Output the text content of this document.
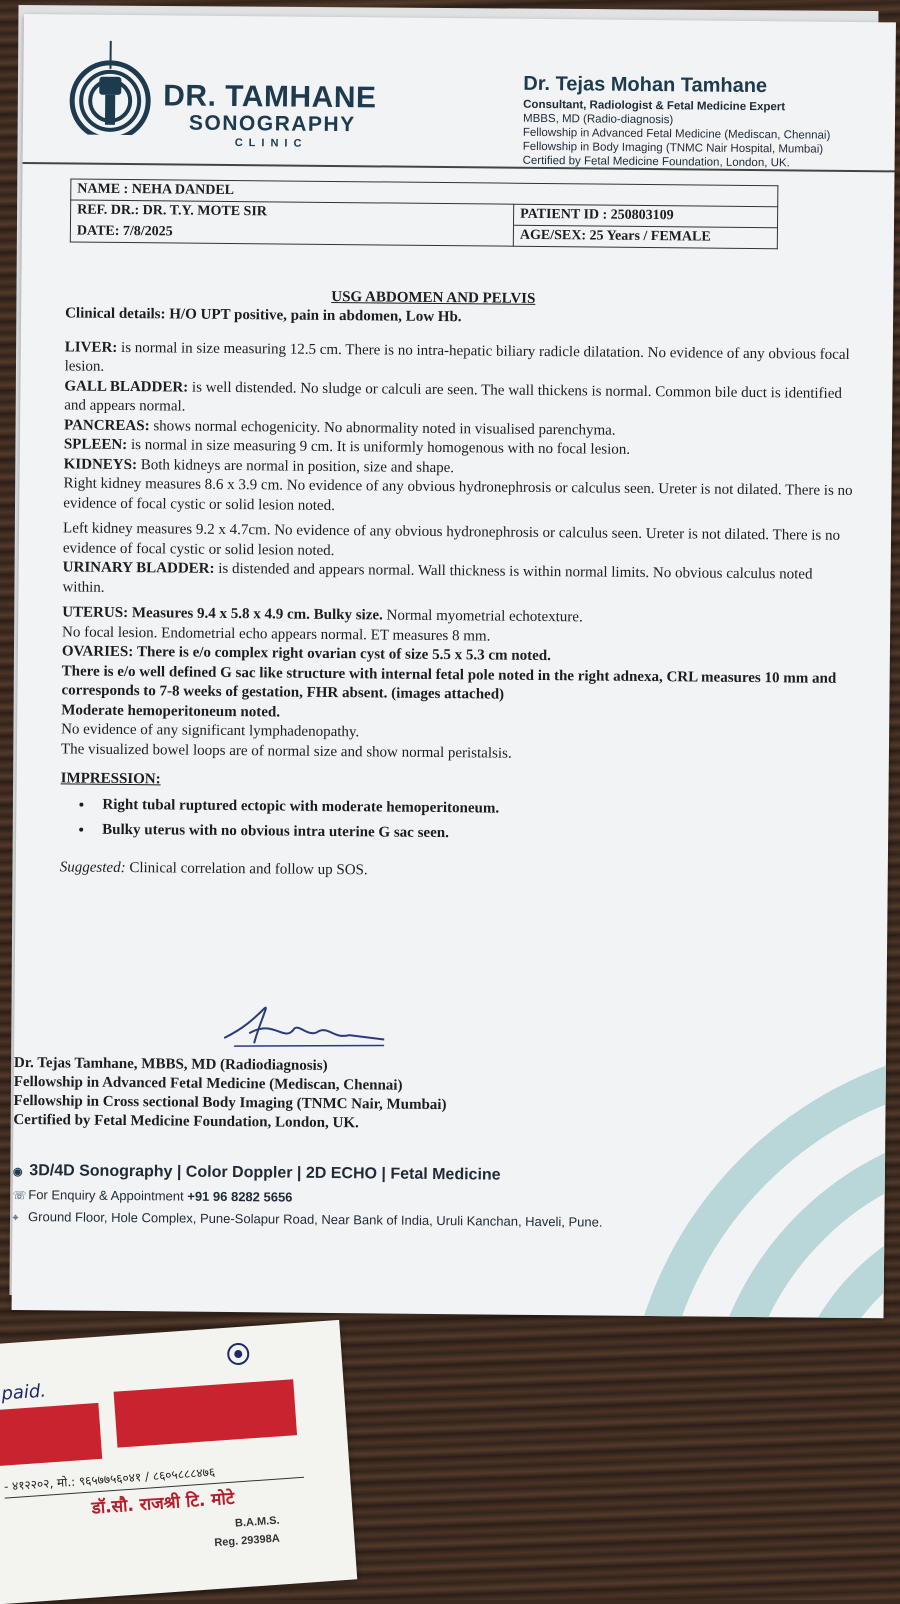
DR. TAMHANE
SONOGRAPHY
CLINIC
Dr. Tejas Mohan Tamhane
Consultant, Radiologist & Fetal Medicine Expert
MBBS, MD (Radio-diagnosis)
Fellowship in Advanced Fetal Medicine (Mediscan, Chennai)
Fellowship in Body Imaging (TNMC Nair Hospital, Mumbai)
Certified by Fetal Medicine Foundation, London, UK.
NAME : NEHA DANDEL	
REF. DR.: DR. T.Y. MOTE SIR	PATIENT ID : 250803109
DATE: 7/8/2025	AGE/SEX: 25 Years / FEMALE
USG ABDOMEN AND PELVIS

Clinical details: H/O UPT positive, pain in abdomen, Low Hb.

LIVER: is normal in size measuring 12.5 cm. There is no intra-hepatic biliary radicle dilatation. No evidence of any obvious focal lesion.

GALL BLADDER: is well distended. No sludge or calculi are seen. The wall thickens is normal. Common bile duct is identified and appears normal.

PANCREAS: shows normal echogenicity. No abnormality noted in visualised parenchyma.

SPLEEN: is normal in size measuring 9 cm. It is uniformly homogenous with no focal lesion.

KIDNEYS: Both kidneys are normal in position, size and shape.

Right kidney measures 8.6 x 3.9 cm. No evidence of any obvious hydronephrosis or calculus seen. Ureter is not dilated. There is no evidence of focal cystic or solid lesion noted.

Left kidney measures 9.2 x 4.7cm. No evidence of any obvious hydronephrosis or calculus seen. Ureter is not dilated. There is no evidence of focal cystic or solid lesion noted.

URINARY BLADDER: is distended and appears normal. Wall thickness is within normal limits. No obvious calculus noted within.

UTERUS: Measures 9.4 x 5.8 x 4.9 cm. Bulky size. Normal myometrial echotexture.

No focal lesion. Endometrial echo appears normal. ET measures 8 mm.

OVARIES: There is e/o complex right ovarian cyst of size 5.5 x 5.3 cm noted.

There is e/o well defined G sac like structure with internal fetal pole noted in the right adnexa, CRL measures 10 mm and corresponds to 7-8 weeks of gestation, FHR absent. (images attached)

Moderate hemoperitoneum noted.

No evidence of any significant lymphadenopathy.

The visualized bowel loops are of normal size and show normal peristalsis.

IMPRESSION:

• Right tubal ruptured ectopic with moderate hemoperitoneum.
• Bulky uterus with no obvious intra uterine G sac seen.

Suggested: Clinical correlation and follow up SOS.

Dr. Tejas Tamhane, MBBS, MD (Radiodiagnosis)
Fellowship in Advanced Fetal Medicine (Mediscan, Chennai)
Fellowship in Cross sectional Body Imaging (TNMC Nair, Mumbai)
Certified by Fetal Medicine Foundation, London, UK.
◉ 3D/4D Sonography | Color Doppler | 2D ECHO | Fetal Medicine
☏ For Enquiry & Appointment +91 96 8282 5656
⌖ Ground Floor, Hole Complex, Pune-Solapur Road, Near Bank of India, Uruli Kanchan, Haveli, Pune.
paid.
- ४१२२०२, मो.: ९६५७७५६०४१ / ८६०५८८८४७६
डॉ.सौ. राजश्री टि. मोटे
B.A.M.S.
Reg. 29398A
